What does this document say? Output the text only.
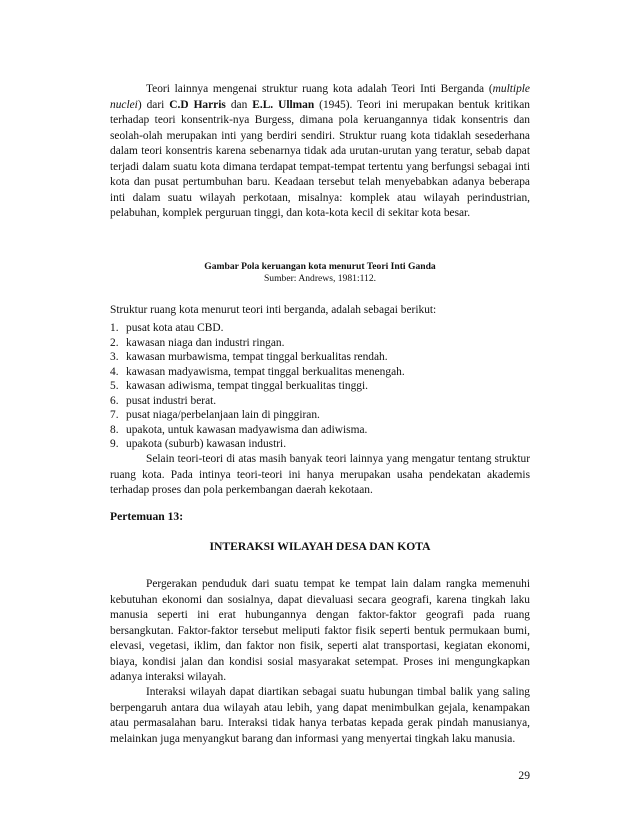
Teori lainnya mengenai struktur ruang kota adalah Teori Inti Berganda (multiple nuclei) dari C.D Harris dan E.L. Ullman (1945). Teori ini merupakan bentuk kritikan terhadap teori konsentrik-nya Burgess, dimana pola keruangannya tidak konsentris dan seolah-olah merupakan inti yang berdiri sendiri. Struktur ruang kota tidaklah sesederhana dalam teori konsentris karena sebenarnya tidak ada urutan-urutan yang teratur, sebab dapat terjadi dalam suatu kota dimana terdapat tempat-tempat tertentu yang berfungsi sebagai inti kota dan pusat pertumbuhan baru. Keadaan tersebut telah menyebabkan adanya beberapa inti dalam suatu wilayah perkotaan, misalnya: komplek atau wilayah perindustrian, pelabuhan, komplek perguruan tinggi, dan kota-kota kecil di sekitar kota besar.

Gambar Pola keruangan kota menurut Teori Inti Ganda
Sumber: Andrews, 1981:112.

Struktur ruang kota menurut teori inti berganda, adalah sebagai berikut:

1. pusat kota atau CBD.
2. kawasan niaga dan industri ringan.
3. kawasan murbawisma, tempat tinggal berkualitas rendah.
4. kawasan madyawisma, tempat tinggal berkualitas menengah.
5. kawasan adiwisma, tempat tinggal berkualitas tinggi.
6. pusat industri berat.
7. pusat niaga/perbelanjaan lain di pinggiran.
8. upakota, untuk kawasan madyawisma dan adiwisma.
9. upakota (suburb) kawasan industri.

Selain teori-teori di atas masih banyak teori lainnya yang mengatur tentang struktur ruang kota. Pada intinya teori-teori ini hanya merupakan usaha pendekatan akademis terhadap proses dan pola perkembangan daerah kekotaan.

Pertemuan 13:
INTERAKSI WILAYAH DESA DAN KOTA

Pergerakan penduduk dari suatu tempat ke tempat lain dalam rangka memenuhi kebutuhan ekonomi dan sosialnya, dapat dievaluasi secara geografi, karena tingkah laku manusia seperti ini erat hubungannya dengan faktor-faktor geografi pada ruang bersangkutan. Faktor-faktor tersebut meliputi faktor fisik seperti bentuk permukaan bumi, elevasi, vegetasi, iklim, dan faktor non fisik, seperti alat transportasi, kegiatan ekonomi, biaya, kondisi jalan dan kondisi sosial masyarakat setempat. Proses ini mengungkapkan adanya interaksi wilayah.

Interaksi wilayah dapat diartikan sebagai suatu hubungan timbal balik yang saling berpengaruh antara dua wilayah atau lebih, yang dapat menimbulkan gejala, kenampakan atau permasalahan baru. Interaksi tidak hanya terbatas kepada gerak pindah manusianya, melainkan juga menyangkut barang dan informasi yang menyertai tingkah laku manusia.

29
